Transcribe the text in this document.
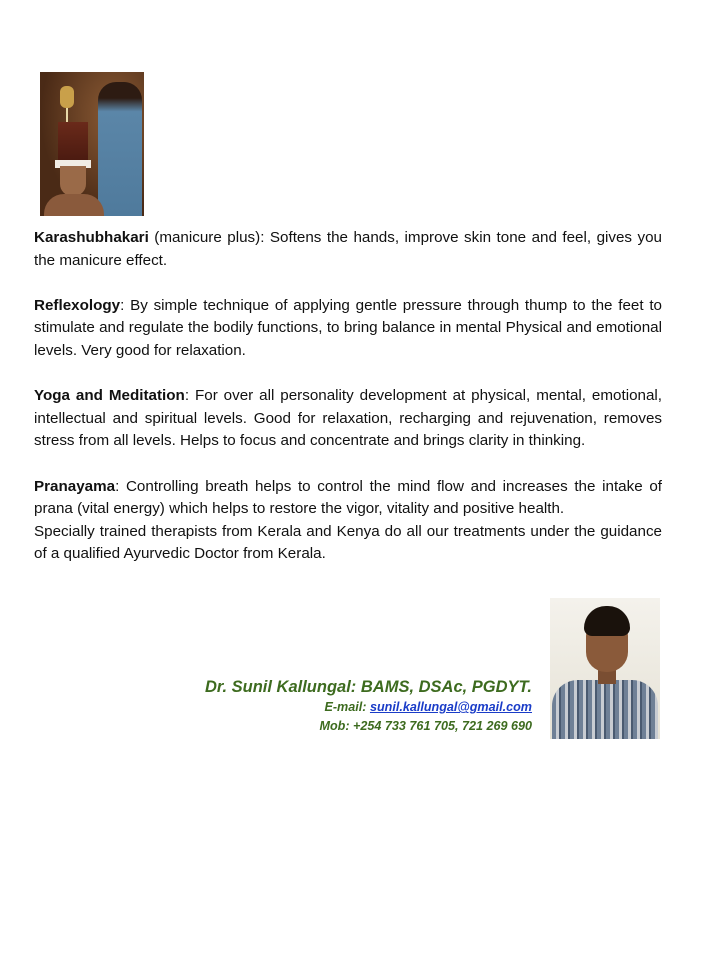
Karashubhakari (manicure plus): Softens the hands, improve skin tone and feel, gives you the manicure effect.

Reflexology: By simple technique of applying gentle pressure through thump to the feet to stimulate and regulate the bodily functions, to bring balance in mental Physical and emotional levels. Very good for relaxation.

Yoga and Meditation: For over all personality development at physical, mental, emotional, intellectual and spiritual levels. Good for relaxation, recharging and rejuvenation, removes stress from all levels. Helps to focus and concentrate and brings clarity in thinking.

Pranayama: Controlling breath helps to control the mind flow and increases the intake of prana (vital energy) which helps to restore the vigor, vitality and positive health.

Specially trained therapists from Kerala and Kenya do all our treatments under the guidance of a qualified Ayurvedic Doctor from Kerala.

Dr. Sunil Kallungal: BAMS, DSAc, PGDYT.
E-mail: sunil.kallungal@gmail.com
Mob: +254 733 761 705, 721 269 690
